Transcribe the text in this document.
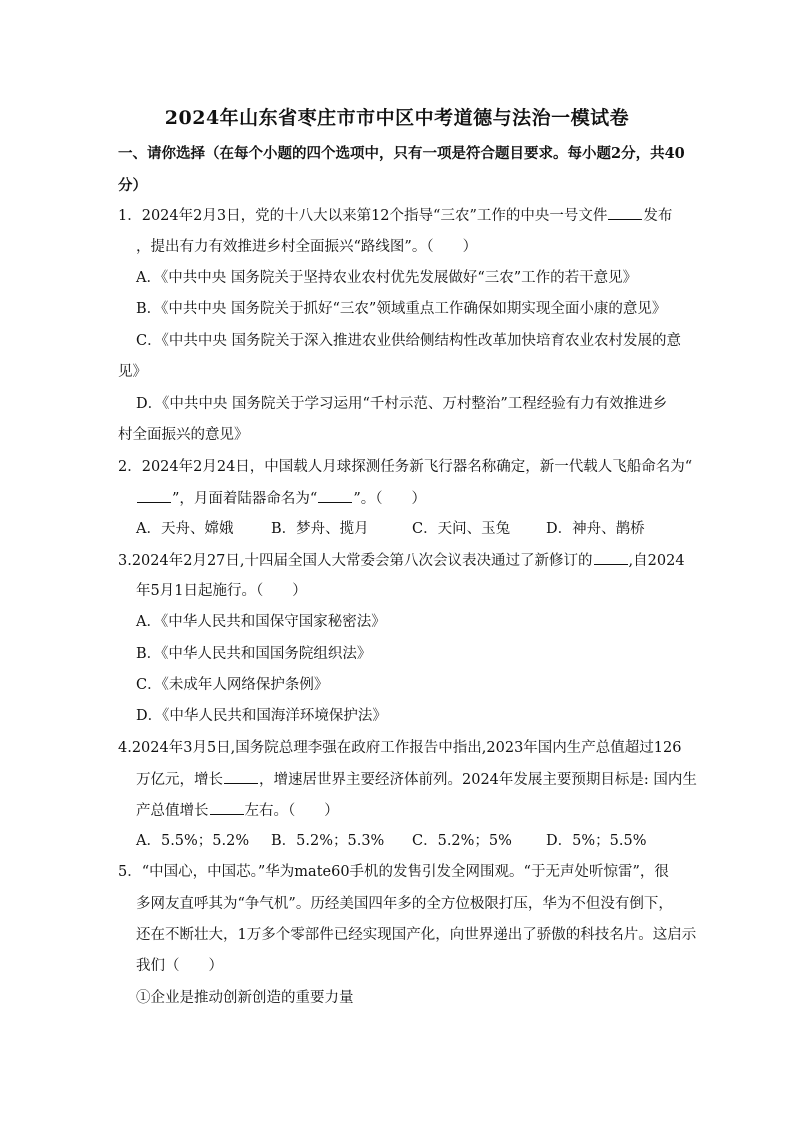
2024年山东省枣庄市市中区中考道德与法治一模试卷
一、请你选择（在每个小题的四个选项中，只有一项是符合题目要求。每小题2分，共40
分）
1．2024年2月3日，党的十八大以来第12个指导“三农”工作的中央一号文件 发布
，提出有力有效推进乡村全面振兴“路线图”。（　　）
A．《中共中央 国务院关于坚持农业农村优先发展做好“三农”工作的若干意见》
B．《中共中央 国务院关于抓好“三农”领域重点工作确保如期实现全面小康的意见》
C．《中共中央 国务院关于深入推进农业供给侧结构性改革加快培育农业农村发展的意
见》
D．《中共中央 国务院关于学习运用“千村示范、万村整治”工程经验有力有效推进乡
村全面振兴的意见》
2．2024年2月24日，中国载人月球探测任务新飞行器名称确定，新一代载人飞船命名为“
”，月面着陆器命名为“ ”。（　　）
A．天舟、嫦娥	B．梦舟、揽月	C．天问、玉兔 D．神舟、鹊桥
3.2024年2月27日,十四届全国人大常委会第八次会议表决通过了新修订的 ,自2024
年5月1日起施行。（　　）
A．《中华人民共和国保守国家秘密法》
B．《中华人民共和国国务院组织法》
C．《未成年人网络保护条例》
D．《中华人民共和国海洋环境保护法》
4.2024年3月5日,国务院总理李强在政府工作报告中指出,2023年国内生产总值超过126
万亿元，增长 ，增速居世界主要经济体前列。2024年发展主要预期目标是: 国内生
产总值增长 左右。（　　）
A．5.5%；5.2% B．5.2%；5.3% C．5.2%；5% D．5%；5.5%
5．“中国心，中国芯。”华为mate60手机的发售引发全网围观。“于无声处听惊雷”，很
多网友直呼其为“争气机”。历经美国四年多的全方位极限打压，华为不但没有倒下，
还在不断壮大，1万多个零部件已经实现国产化，向世界递出了骄傲的科技名片。这启示
我们（　　）
①企业是推动创新创造的重要力量
